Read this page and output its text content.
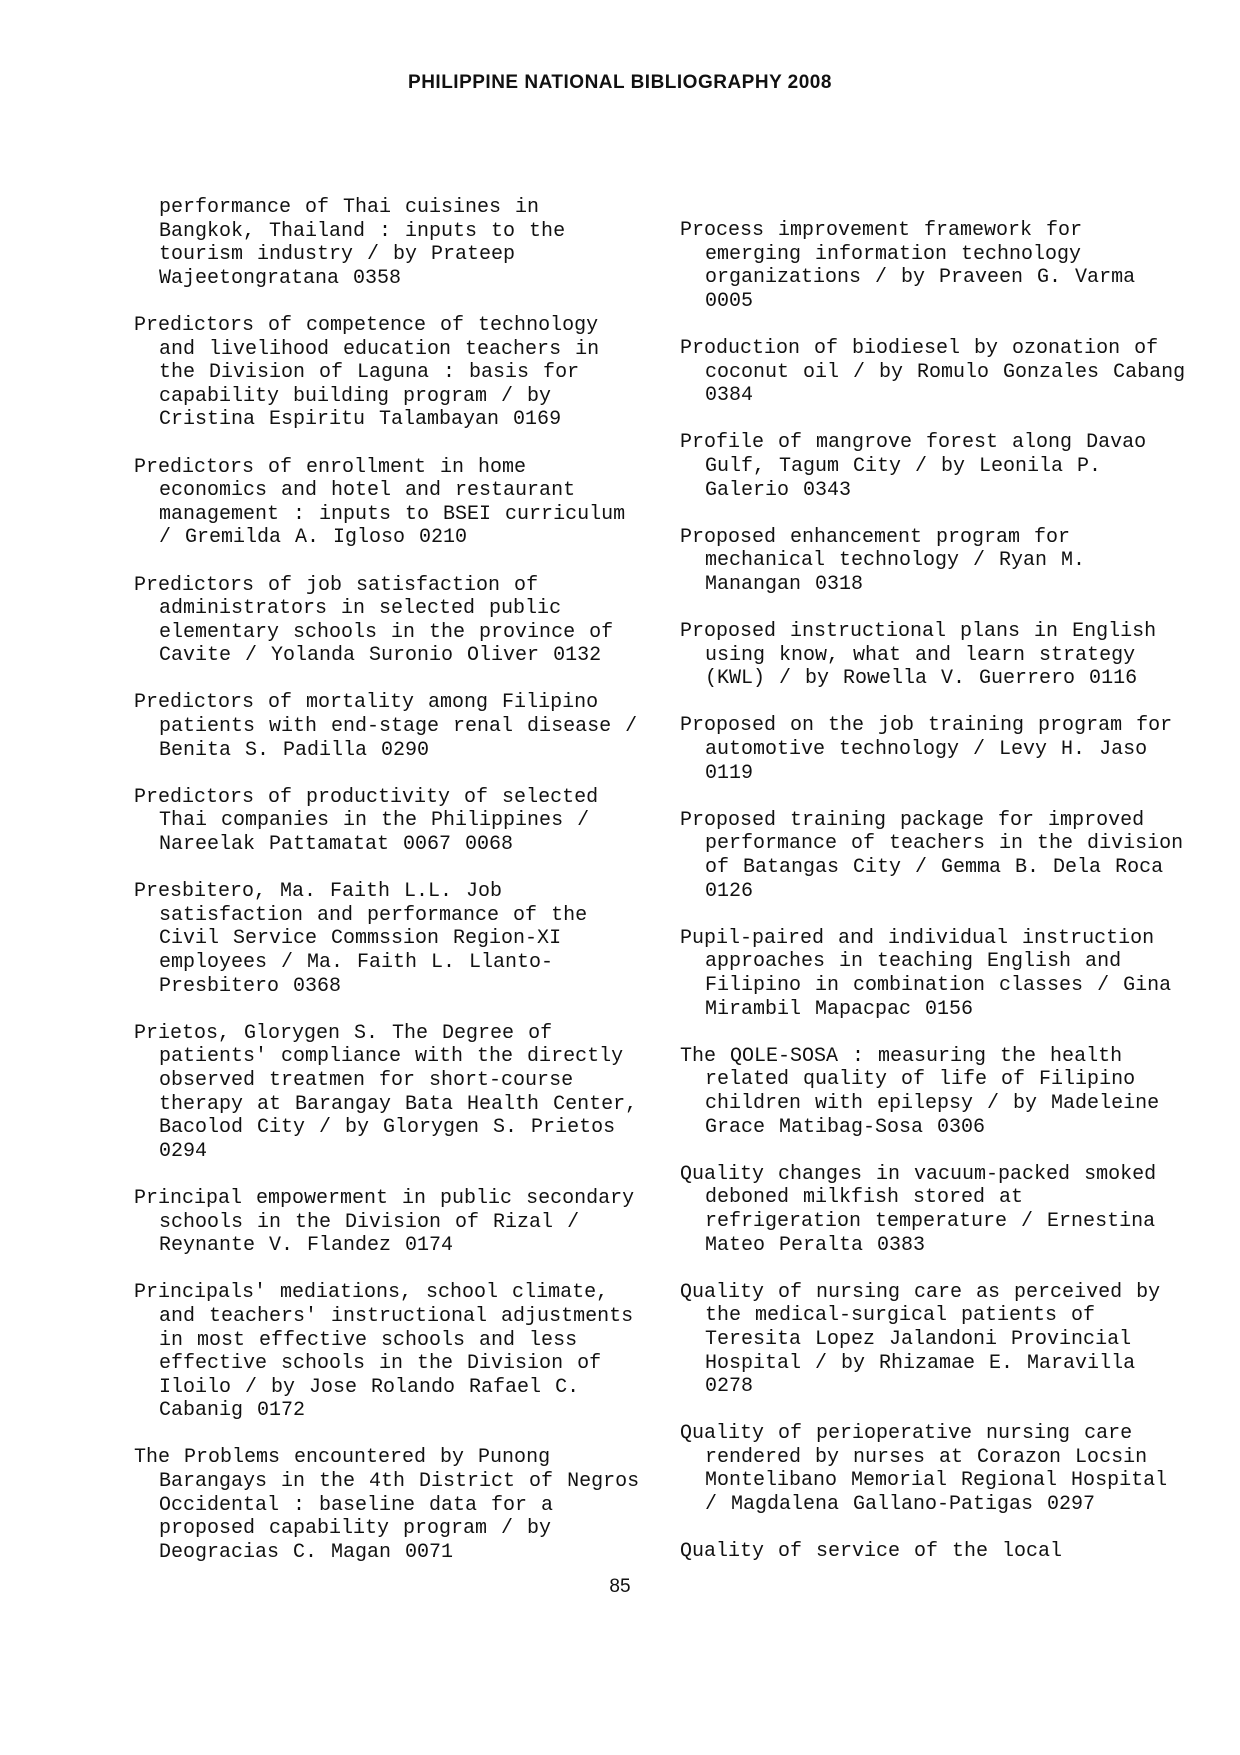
PHILIPPINE NATIONAL BIBLIOGRAPHY 2008

performance of Thai cuisines in Bangkok, Thailand : inputs to the tourism industry / by Prateep Wajeetongratana 0358

Predictors of competence of technology and livelihood education teachers in the Division of Laguna : basis for capability building program / by Cristina Espiritu Talambayan 0169

Predictors of enrollment in home economics and hotel and restaurant management : inputs to BSEI curriculum / Gremilda A. Igloso 0210

Predictors of job satisfaction of administrators in selected public elementary schools in the province of Cavite / Yolanda Suronio Oliver 0132

Predictors of mortality among Filipino patients with end-stage renal disease / Benita S. Padilla 0290

Predictors of productivity of selected Thai companies in the Philippines / Nareelak Pattamatat 0067 0068

Presbitero, Ma. Faith L.L. Job satisfaction and performance of the Civil Service Commssion Region-XI employees / Ma. Faith L. Llanto-Presbitero 0368

Prietos, Glorygen S. The Degree of patients' compliance with the directly observed treatmen for short-course therapy at Barangay Bata Health Center, Bacolod City / by Glorygen S. Prietos 0294

Principal empowerment in public secondary schools in the Division of Rizal / Reynante V. Flandez 0174

Principals' mediations, school climate, and teachers' instructional adjustments in most effective schools and less effective schools in the Division of Iloilo / by Jose Rolando Rafael C. Cabanig 0172

The Problems encountered by Punong Barangays in the 4th District of Negros Occidental : baseline data for a proposed capability program / by Deogracias C. Magan 0071

Process improvement framework for emerging information technology organizations / by Praveen G. Varma 0005

Production of biodiesel by ozonation of coconut oil / by Romulo Gonzales Cabang 0384

Profile of mangrove forest along Davao Gulf, Tagum City / by Leonila P. Galerio 0343

Proposed enhancement program for mechanical technology / Ryan M. Manangan 0318

Proposed instructional plans in English using know, what and learn strategy (KWL) / by Rowella V. Guerrero 0116

Proposed on the job training program for automotive technology / Levy H. Jaso 0119

Proposed training package for improved performance of teachers in the division of Batangas City / Gemma B. Dela Roca 0126

Pupil-paired and individual instruction approaches in teaching English and Filipino in combination classes / Gina Mirambil Mapacpac 0156

The QOLE-SOSA : measuring the health related quality of life of Filipino children with epilepsy / by Madeleine Grace Matibag-Sosa 0306

Quality changes in vacuum-packed smoked deboned milkfish stored at refrigeration temperature / Ernestina Mateo Peralta 0383

Quality of nursing care as perceived by the medical-surgical patients of Teresita Lopez Jalandoni Provincial Hospital / by Rhizamae E. Maravilla 0278

Quality of perioperative nursing care rendered by nurses at Corazon Locsin Montelibano Memorial Regional Hospital / Magdalena Gallano-Patigas 0297

Quality of service of the local

85
